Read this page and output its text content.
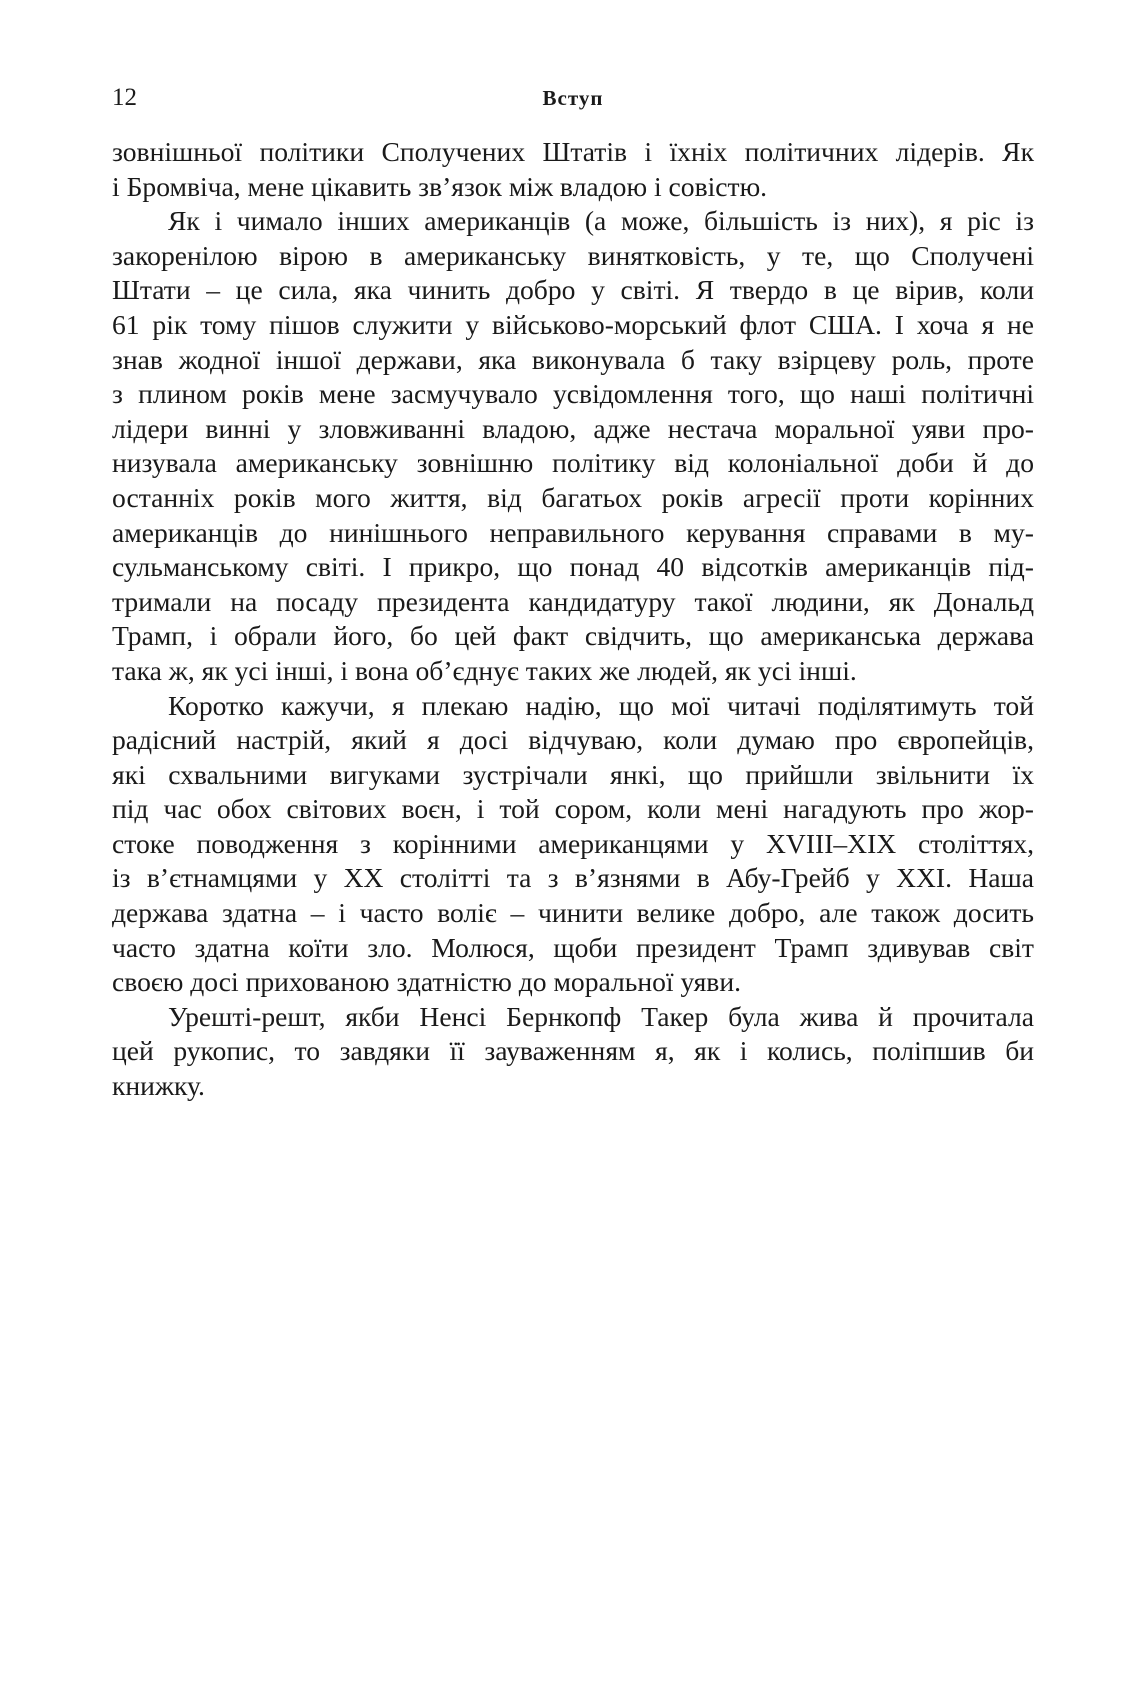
12	Вступ
зовнішньої політики Сполучених Штатів і їхніх політичних лідерів. Як
і Бромвіча, мене цікавить зв’язок між владою і совістю.
Як і чимало інших американців (а може, більшість із них), я ріс із
закоренілою вірою в американську винятковість, у те, що Сполучені
Штати – це сила, яка чинить добро у світі. Я твердо в це вірив, коли
61 рік тому пішов служити у військово-морський флот США. І хоча я не
знав жодної іншої держави, яка виконувала б таку взірцеву роль, проте
з плином років мене засмучувало усвідомлення того, що наші політичні
лідери винні у зловживанні владою, адже нестача моральної уяви про-
низувала американську зовнішню політику від колоніальної доби й до
останніх років мого життя, від багатьох років агресії проти корінних
американців до нинішнього неправильного керування справами в му-
сульманському світі. І прикро, що понад 40 відсотків американців під-
тримали на посаду президента кандидатуру такої людини, як Дональд
Трамп, і обрали його, бо цей факт свідчить, що американська держава
така ж, як усі інші, і вона об’єднує таких же людей, як усі інші.
Коротко кажучи, я плекаю надію, що мої читачі поділятимуть той
радісний настрій, який я досі відчуваю, коли думаю про європейців,
які схвальними вигуками зустрічали янкі, що прийшли звільнити їх
під час обох світових воєн, і той сором, коли мені нагадують про жор-
стоке поводження з корінними американцями у XVIII–XIX століттях,
із в’єтнамцями у XX столітті та з в’язнями в Абу-Грейб у XXI. Наша
держава здатна – і часто воліє – чинити велике добро, але також досить
часто здатна коїти зло. Молюся, щоби президент Трамп здивував світ
своєю досі прихованою здатністю до моральної уяви.
Урешті-решт, якби Ненсі Бернкопф Такер була жива й прочитала
цей рукопис, то завдяки її зауваженням я, як і колись, поліпшив би
книжку.
